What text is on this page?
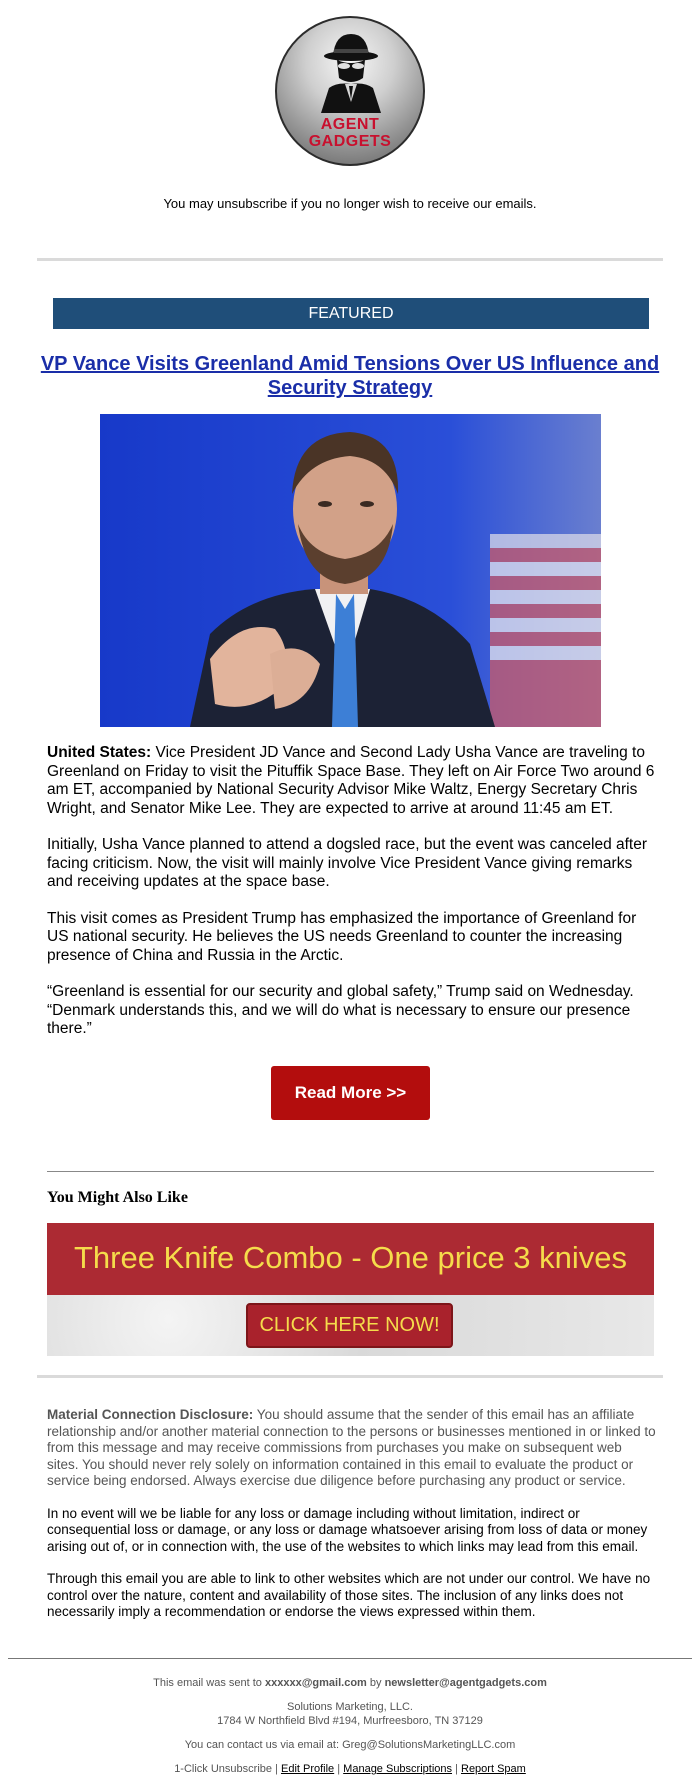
AGENT
GADGETS
You may unsubscribe if you no longer wish to receive our emails.
FEATURED
VP Vance Visits Greenland Amid Tensions Over US Influence and Security Strategy

United States: Vice President JD Vance and Second Lady Usha Vance are traveling to Greenland on Friday to visit the Pituffik Space Base. They left on Air Force Two around 6 am ET, accompanied by National Security Advisor Mike Waltz, Energy Secretary Chris Wright, and Senator Mike Lee. They are expected to arrive at around 11:45 am ET.

Initially, Usha Vance planned to attend a dogsled race, but the event was canceled after facing criticism. Now, the visit will mainly involve Vice President Vance giving remarks and receiving updates at the space base.

This visit comes as President Trump has emphasized the importance of Greenland for US national security. He believes the US needs Greenland to counter the increasing presence of China and Russia in the Arctic.

“Greenland is essential for our security and global safety,” Trump said on Wednesday. “Denmark understands this, and we will do what is necessary to ensure our presence there.”

Read More >>
You Might Also Like
Three Knife Combo - One price 3 knives
CLICK HERE NOW!

Material Connection Disclosure: You should assume that the sender of this email has an affiliate relationship and/or another material connection to the persons or businesses mentioned in or linked to from this message and may receive commissions from purchases you make on subsequent web sites. You should never rely solely on information contained in this email to evaluate the product or service being endorsed. Always exercise due diligence before purchasing any product or service.

In no event will we be liable for any loss or damage including without limitation, indirect or consequential loss or damage, or any loss or damage whatsoever arising from loss of data or money arising out of, or in connection with, the use of the websites to which links may lead from this email.

Through this email you are able to link to other websites which are not under our control. We have no control over the nature, content and availability of those sites. The inclusion of any links does not necessarily imply a recommendation or endorse the views expressed within them.

This email was sent to xxxxxx@gmail.com by newsletter@agentgadgets.com

Solutions Marketing, LLC.

1784 W Northfield Blvd #194, Murfreesboro, TN 37129

You can contact us via email at: Greg@SolutionsMarketingLLC.com

1-Click Unsubscribe | Edit Profile | Manage Subscriptions | Report Spam
